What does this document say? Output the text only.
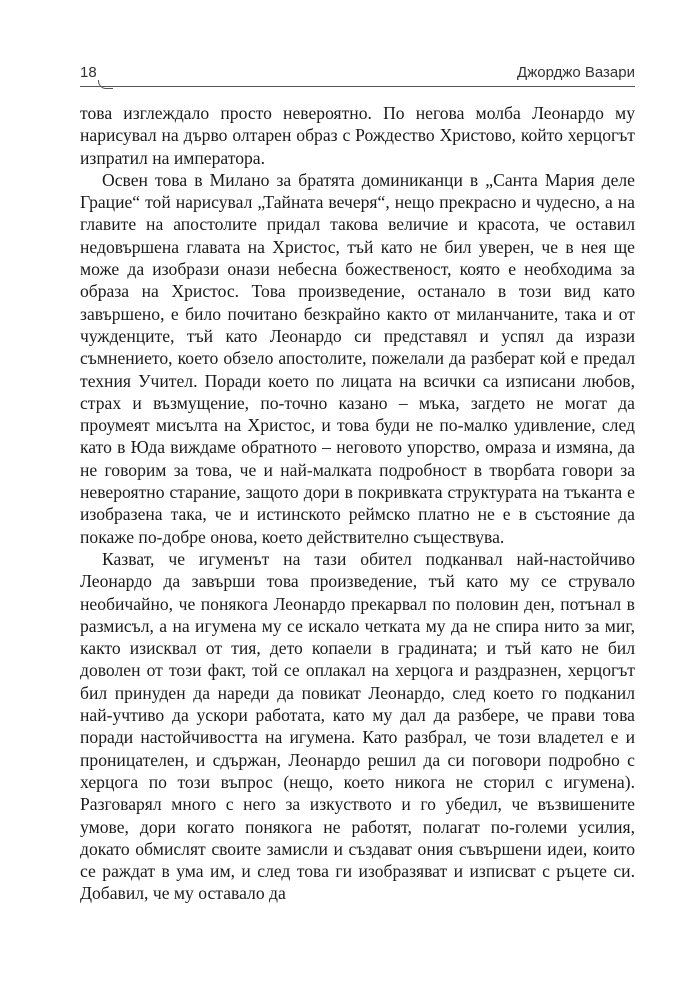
18	Джорджо Вазари

това изглеждало просто невероятно. По негова молба Леонардо му нарисувал на дърво олтарен образ с Рождество Христово, който херцогът изпратил на императора.

Освен това в Милано за братята доминиканци в „Санта Мария деле Грацие“ той нарисувал „Тайната вечеря“, нещо прекрасно и чудесно, а на главите на апостолите придал такова величие и красота, че оставил недовършена главата на Христос, тъй като не бил уверен, че в нея ще може да изобрази онази небесна божественост, която е необходима за образа на Христос. Това произведение, останало в този вид като завършено, е било почитано безкрайно както от миланчаните, така и от чужденците, тъй като Леонардо си представял и успял да изрази съмнението, което обзело апостолите, пожелали да разберат кой е предал техния Учител. Поради което по лицата на всички са изписани любов, страх и възмущение, по-точно казано – мъка, загдето не могат да проумеят мисълта на Христос, и това буди не по-малко удивление, след като в Юда виждаме обратното – неговото упорство, омраза и измяна, да не говорим за това, че и най-малката подробност в творбата говори за невероятно старание, защото дори в покривката структурата на тъканта е изобразена така, че и истинското реймско платно не е в състояние да покаже по-добре онова, което действително съществува.

Казват, че игуменът на тази обител подканвал най-настойчиво Леонардо да завърши това произведение, тъй като му се струвало необичайно, че понякога Леонардо прекарвал по половин ден, потънал в размисъл, а на игумена му се искало четката му да не спира нито за миг, както изисквал от тия, дето копаели в градината; и тъй като не бил доволен от този факт, той се оплакал на херцога и раздразнен, херцогът бил принуден да нареди да повикат Леонардо, след което го подканил най-учтиво да ускори работата, като му дал да разбере, че прави това поради настойчивостта на игумена. Като разбрал, че този владетел е и проницателен, и сдържан, Леонардо решил да си поговори подробно с херцога по този въпрос (нещо, което никога не сторил с игумена). Разговарял много с него за изкуството и го убедил, че възвишените умове, дори когато понякога не работят, полагат по-големи усилия, докато обмислят своите замисли и създават ония съвършени идеи, които се раждат в ума им, и след това ги изобразяват и изписват с ръцете си. Добавил, че му оставало да
